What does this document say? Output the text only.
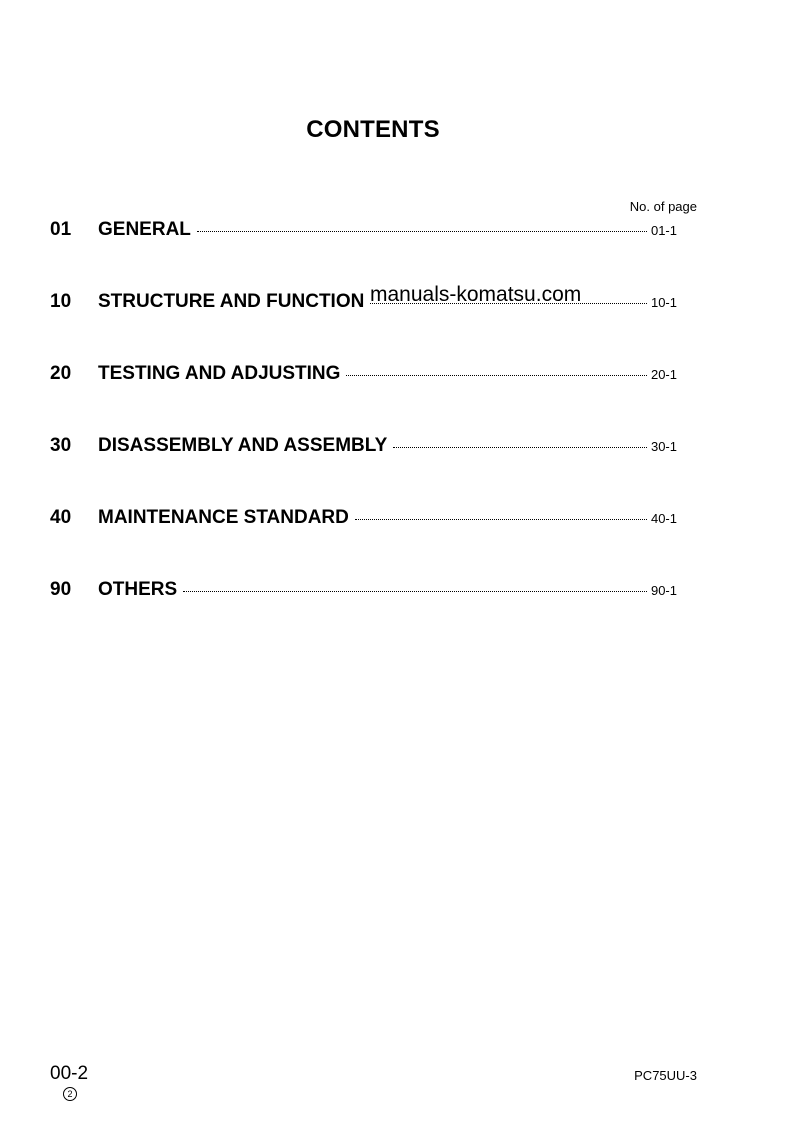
CONTENTS
No. of page
01	GENERAL	01-1
10	STRUCTURE AND FUNCTION	10-1
20	TESTING AND ADJUSTING	20-1
30	DISASSEMBLY AND ASSEMBLY	30-1
40	MAINTENANCE STANDARD	40-1
90	OTHERS	90-1
manuals-komatsu.com
00-2
2
PC75UU-3
